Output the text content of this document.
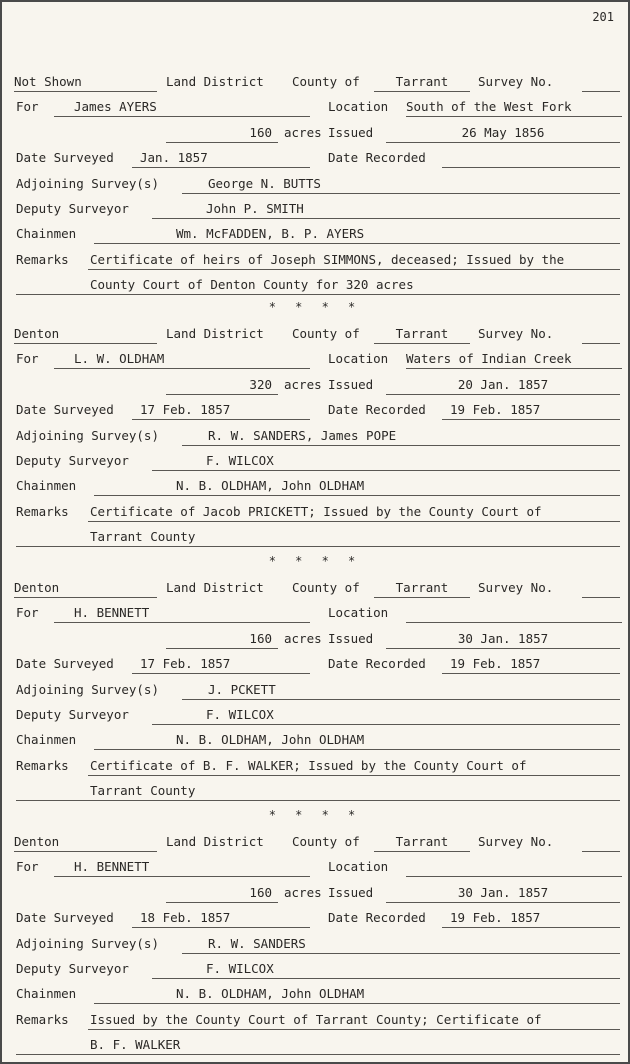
201
Not Shown	Land District County of	Tarrant	Survey No.
For	James AYERS	Location South of the West Fork
160 acres Issued	26 May 1856
Date Surveyed	Jan. 1857	Date Recorded
Adjoining Survey(s)	George N. BUTTS
Deputy Surveyor	John P. SMITH
Chainmen	Wm. McFADDEN, B. P. AYERS
Remarks Certificate of heirs of Joseph SIMMONS, deceased; Issued by the
County Court of Denton County for 320 acres
Denton	Land District County of	Tarrant	Survey No.
For	L. W. OLDHAM	Location Waters of Indian Creek
320 acres Issued	20 Jan. 1857
Date Surveyed	17 Feb. 1857	Date Recorded	19 Feb. 1857
Adjoining Survey(s)	R. W. SANDERS, James POPE
Deputy Surveyor	F. WILCOX
Chainmen	N. B. OLDHAM, John OLDHAM
Remarks Certificate of Jacob PRICKETT; Issued by the County Court of
Tarrant County
Denton	Land District County of	Tarrant	Survey No.
For	H. BENNETT	Location
160 acres Issued	30 Jan. 1857
Date Surveyed	17 Feb. 1857	Date Recorded	19 Feb. 1857
Adjoining Survey(s)	J. PCKETT
Deputy Surveyor	F. WILCOX
Chainmen	N. B. OLDHAM, John OLDHAM
Remarks Certificate of B. F. WALKER; Issued by the County Court of
Tarrant County
Denton	Land District County of	Tarrant	Survey No.
For	H. BENNETT	Location
160 acres Issued	30 Jan. 1857
Date Surveyed	18 Feb. 1857	Date Recorded	19 Feb. 1857
Adjoining Survey(s)	R. W. SANDERS
Deputy Surveyor	F. WILCOX
Chainmen	N. B. OLDHAM, John OLDHAM
Remarks Issued by the County Court of Tarrant County; Certificate of
B. F. WALKER
* * * *
* * * *
* * * *
